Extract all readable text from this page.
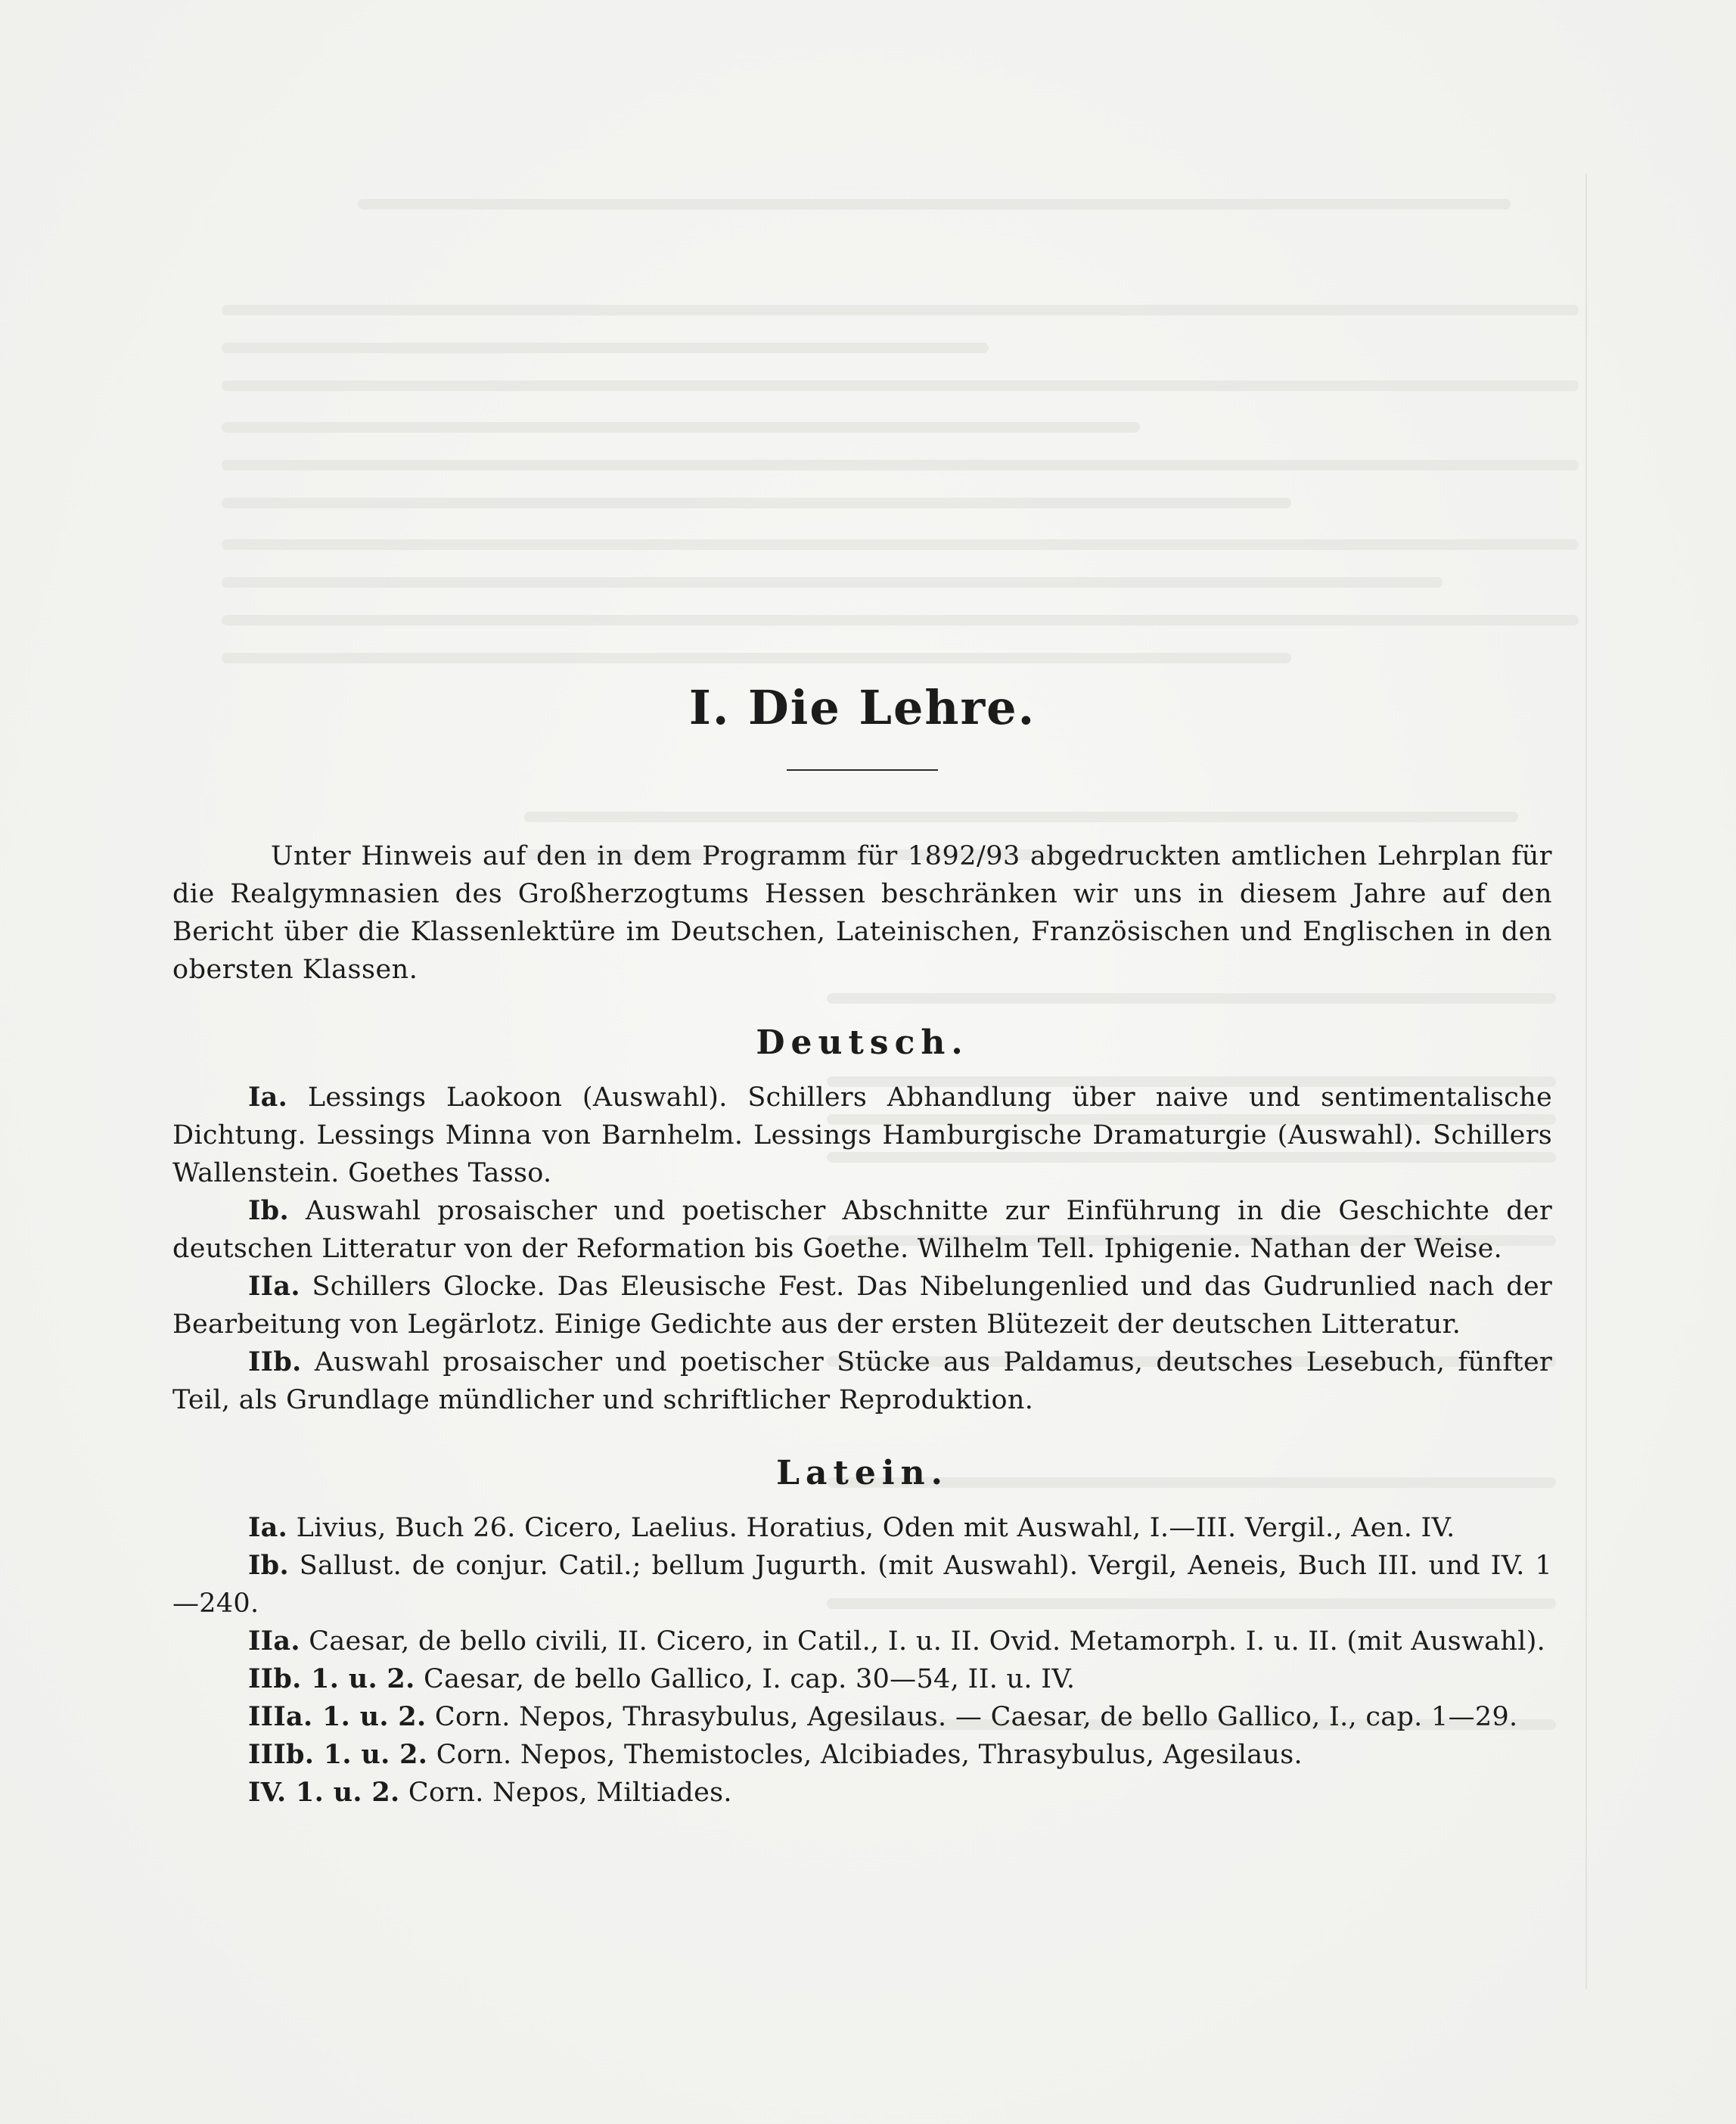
I. Die Lehre.

Unter Hinweis auf den in dem Programm für 1892/93 abgedruckten amtlichen Lehrplan für die Realgymnasien des Großherzogtums Hessen beschränken wir uns in diesem Jahre auf den Bericht über die Klassenlektüre im Deutschen, Lateinischen, Französischen und Englischen in den obersten Klassen.

Deutsch.
Ia. Lessings Laokoon (Auswahl). Schillers Abhandlung über naive und sentimentalische Dichtung. Lessings Minna von Barnhelm. Lessings Hamburgische Dramaturgie (Auswahl). Schillers Wallenstein. Goethes Tasso.
Ib. Auswahl prosaischer und poetischer Abschnitte zur Einführung in die Geschichte der deutschen Litteratur von der Reformation bis Goethe. Wilhelm Tell. Iphigenie. Nathan der Weise.
IIa. Schillers Glocke. Das Eleusische Fest. Das Nibelungenlied und das Gudrunlied nach der Bearbeitung von Legärlotz. Einige Gedichte aus der ersten Blütezeit der deutschen Litteratur.
IIb. Auswahl prosaischer und poetischer Stücke aus Paldamus, deutsches Lesebuch, fünfter Teil, als Grundlage mündlicher und schriftlicher Reproduktion.
Latein.
Ia. Livius, Buch 26. Cicero, Laelius. Horatius, Oden mit Auswahl, I.—III. Vergil., Aen. IV.
Ib. Sallust. de conjur. Catil.; bellum Jugurth. (mit Auswahl). Vergil, Aeneis, Buch III. und IV. 1—240.
IIa. Caesar, de bello civili, II. Cicero, in Catil., I. u. II. Ovid. Metamorph. I. u. II. (mit Auswahl).
IIb. 1. u. 2. Caesar, de bello Gallico, I. cap. 30—54, II. u. IV.
IIIa. 1. u. 2. Corn. Nepos, Thrasybulus, Agesilaus. — Caesar, de bello Gallico, I., cap. 1—29.
IIIb. 1. u. 2. Corn. Nepos, Themistocles, Alcibiades, Thrasybulus, Agesilaus.
IV. 1. u. 2. Corn. Nepos, Miltiades.
